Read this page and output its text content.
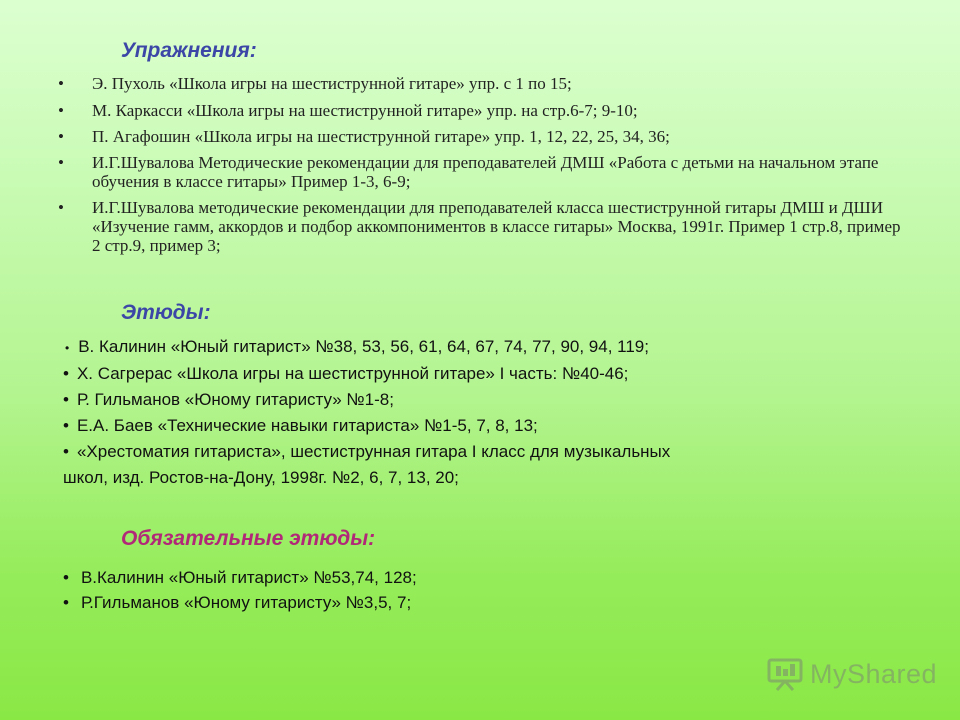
Упражнения:
• Э. Пухоль «Школа игры на шестиструнной гитаре» упр. с 1 по 15;
• М. Каркасси «Школа игры на шестиструнной гитаре» упр. на стр.6-7; 9-10;
• П. Агафошин «Школа игры на шестиструнной гитаре» упр. 1, 12, 22, 25, 34, 36;
• И.Г.Шувалова Методические рекомендации для преподавателей ДМШ «Работа с детьми на начальном этапе обучения в классе гитары» Пример 1-3, 6-9;
• И.Г.Шувалова методические рекомендации для преподавателей класса шестиструнной гитары ДМШ и ДШИ «Изучение гамм, аккордов и подбор аккомпониментов в классе гитары» Москва, 1991г. Пример 1 стр.8, пример 2 стр.9, пример 3;
Этюды:
• В. Калинин «Юный гитарист» №38, 53, 56, 61, 64, 67, 74, 77, 90, 94, 119;
• Х. Сагрерас «Школа игры на шестиструнной гитаре» I часть: №40-46;
• Р. Гильманов «Юному гитаристу» №1-8;
• Е.А. Баев «Технические навыки гитариста» №1-5, 7, 8, 13;
• «Хрестоматия гитариста», шестиструнная гитара I класс для музыкальных
школ, изд. Ростов-на-Дону, 1998г. №2, 6, 7, 13, 20;
Обязательные этюды:
• В.Калинин «Юный гитарист» №53,74, 128;
• Р.Гильманов «Юному гитаристу» №3,5, 7;
MyShared
